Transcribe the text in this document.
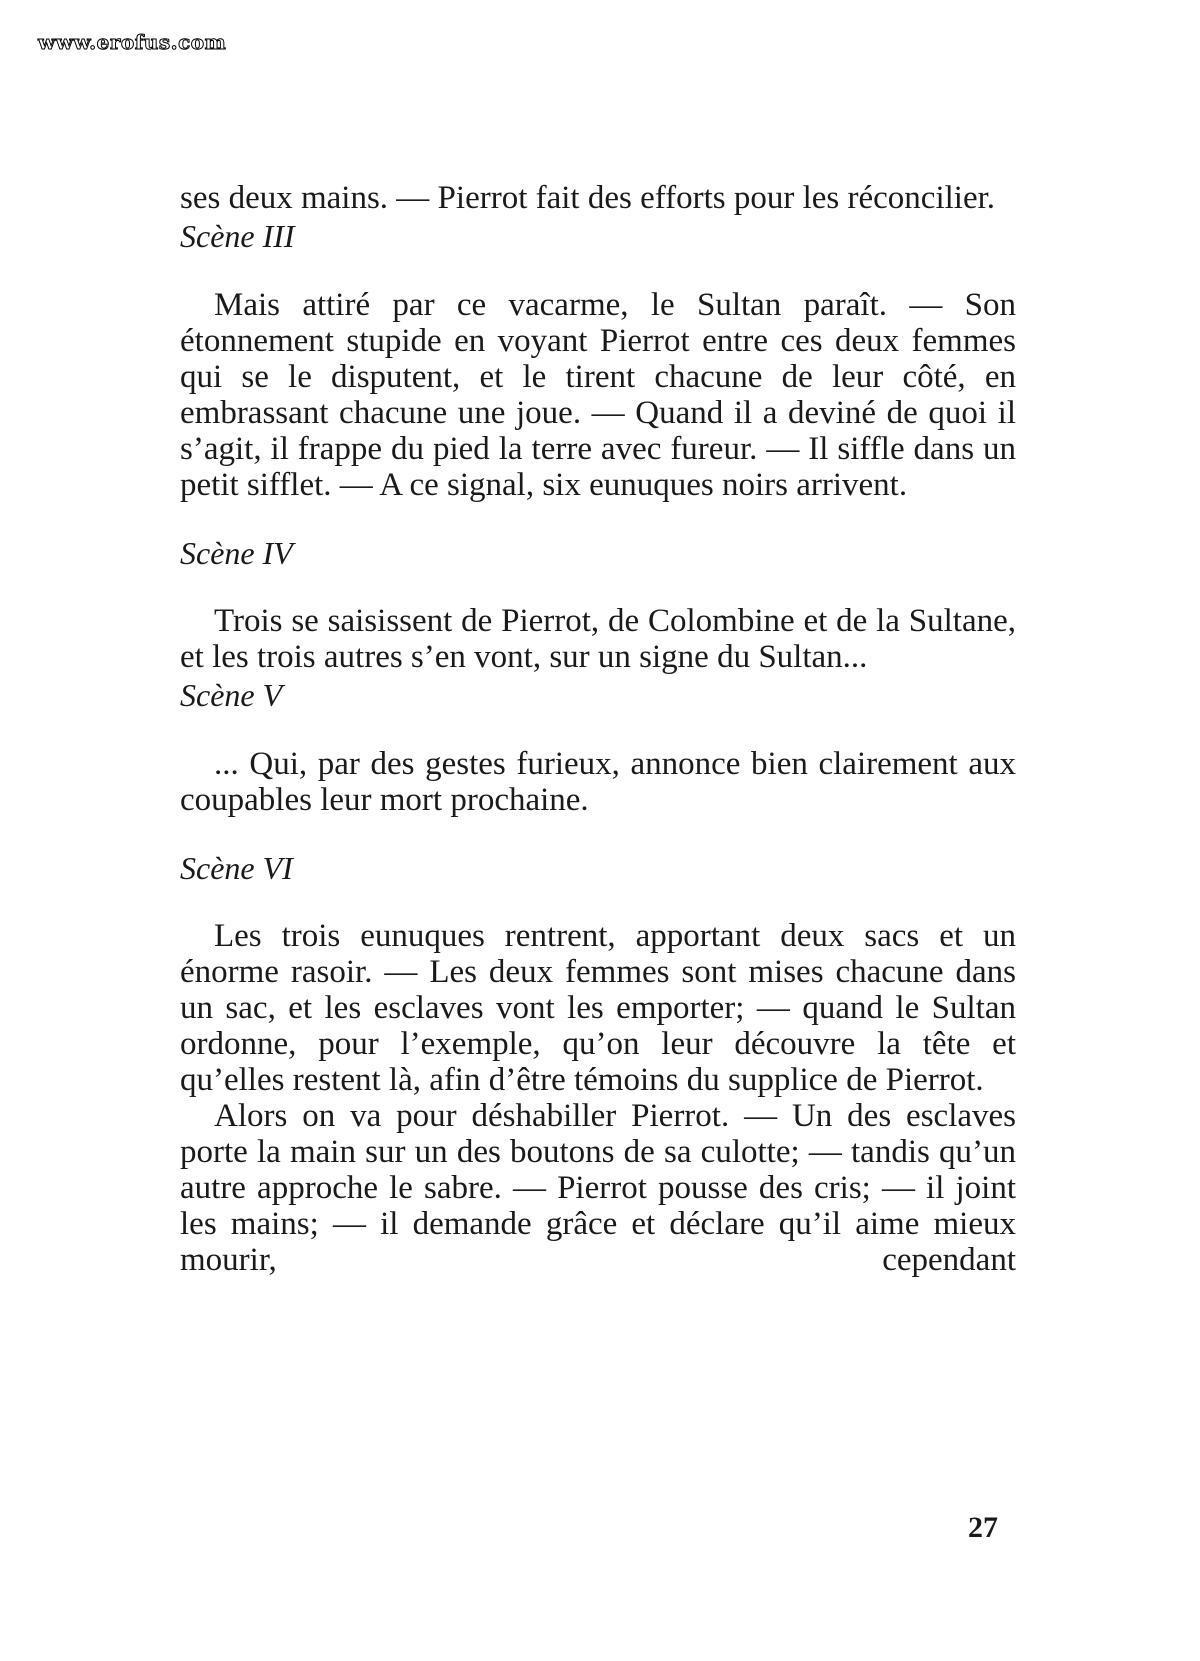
www.erofus.com

ses deux mains. — Pierrot fait des efforts pour les réconcilier.

Scène III

Mais attiré par ce vacarme, le Sultan paraît. — Son étonnement stupide en voyant Pierrot entre ces deux femmes qui se le disputent, et le tirent chacune de leur côté, en embrassant chacune une joue. — Quand il a deviné de quoi il s’agit, il frappe du pied la terre avec fureur. — Il siffle dans un petit sifflet. — A ce signal, six eunuques noirs arrivent.

Scène IV

Trois se saisissent de Pierrot, de Colombine et de la Sultane, et les trois autres s’en vont, sur un signe du Sultan...

Scène V

... Qui, par des gestes furieux, annonce bien clairement aux coupables leur mort prochaine.

Scène VI

Les trois eunuques rentrent, apportant deux sacs et un énorme rasoir. — Les deux femmes sont mises chacune dans un sac, et les esclaves vont les emporter; — quand le Sultan ordonne, pour l’exemple, qu’on leur découvre la tête et qu’elles restent là, afin d’être témoins du supplice de Pierrot.

Alors on va pour déshabiller Pierrot. — Un des esclaves porte la main sur un des boutons de sa culotte; — tandis qu’un autre approche le sabre. — Pierrot pousse des cris; — il joint les mains; — il demande grâce et déclare qu’il aime mieux mourir, cependant

27
